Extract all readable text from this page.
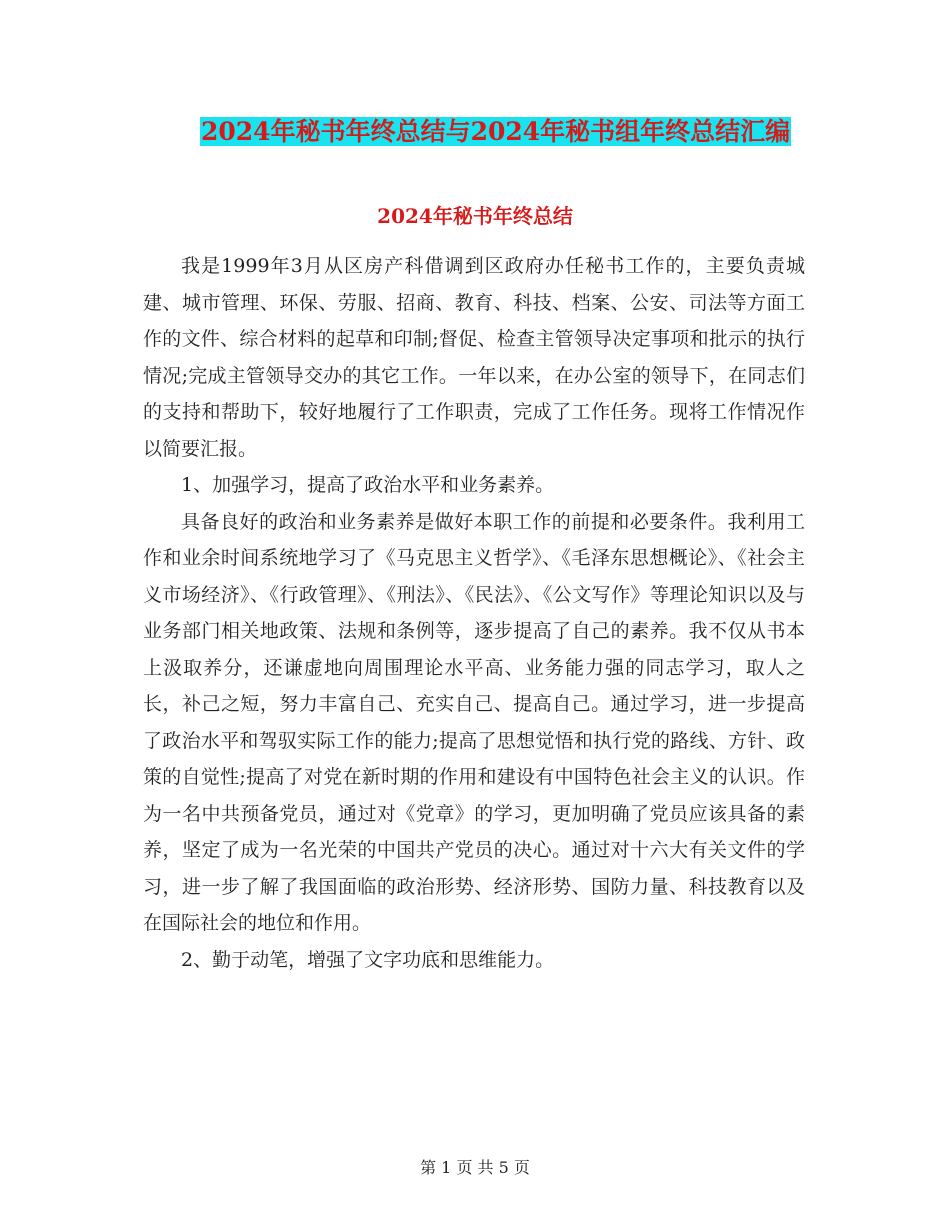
2024年秘书年终总结与2024年秘书组年终总结汇编
2024年秘书年终总结

我是1999年3月从区房产科借调到区政府办任秘书工作的，主要负责城建、城市管理、环保、劳服、招商、教育、科技、档案、公安、司法等方面工作的文件、综合材料的起草和印制;督促、检查主管领导决定事项和批示的执行情况;完成主管领导交办的其它工作。一年以来，在办公室的领导下，在同志们的支持和帮助下，较好地履行了工作职责，完成了工作任务。现将工作情况作以简要汇报。

1、加强学习，提高了政治水平和业务素养。

具备良好的政治和业务素养是做好本职工作的前提和必要条件。我利用工作和业余时间系统地学习了《马克思主义哲学》、《毛泽东思想概论》、《社会主义市场经济》、《行政管理》、《刑法》、《民法》、《公文写作》等理论知识以及与业务部门相关地政策、法规和条例等，逐步提高了自己的素养。我不仅从书本上汲取养分，还谦虚地向周围理论水平高、业务能力强的同志学习，取人之长，补己之短，努力丰富自己、充实自己、提高自己。通过学习，进一步提高了政治水平和驾驭实际工作的能力;提高了思想觉悟和执行党的路线、方针、政策的自觉性;提高了对党在新时期的作用和建设有中国特色社会主义的认识。作为一名中共预备党员，通过对《党章》的学习，更加明确了党员应该具备的素养，坚定了成为一名光荣的中国共产党员的决心。通过对十六大有关文件的学习，进一步了解了我国面临的政治形势、经济形势、国防力量、科技教育以及在国际社会的地位和作用。

2、勤于动笔，增强了文字功底和思维能力。

第 1 页 共 5 页
